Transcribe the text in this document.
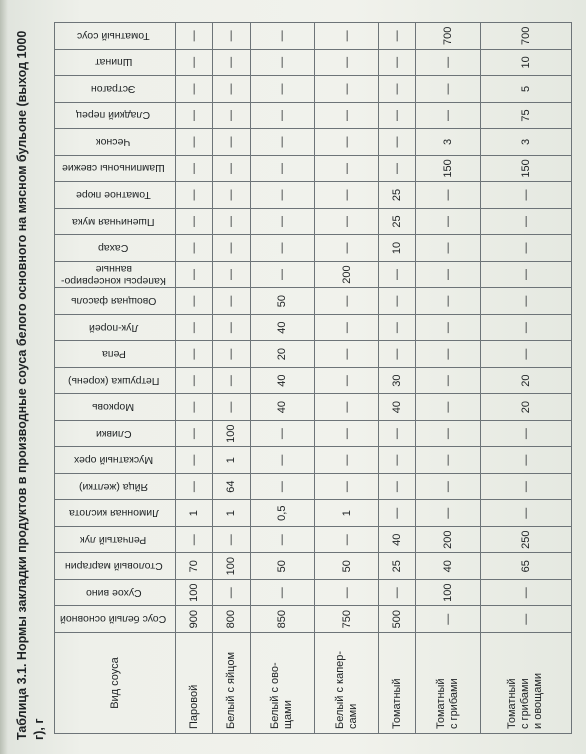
Таблица 3.1. Нормы закладки продуктов в производные соуса белого основного на мясном бульоне (выход 1000 г), г
Вид соуса	Соус белый основной	Сухое вино	Столовый маргарин	Репчатый лук	Лимонная кислота	Яйца (желтки)	Мускатный орех	Сливки	Морковь	Петрушка (корень)	Репа	Лук-порей	Овощная фасоль	Каперсы консервиро-
ванные	Сахар	Пшеничная мука	Томатное пюре	Шампиньоны свежие	Чеснок	Сладкий перец	Эстрагон	Шпинат	Томатный соус
Паровой	900	100	70	—	1	—	—	—	—	—	—	—	—	—	—	—	—	—	—	—	—	—	—
Белый с яйцом	800	—	100	—	1	64	1	100	—	—	—	—	—	—	—	—	—	—	—	—	—	—	—
Белый с ово-
щами	850	—	50	—	0,5	—	—	—	40	40	20	40	50	—	—	—	—	—	—	—	—	—	—
Белый с капер-
сами	750	—	50	—	1	—	—	—	—	—	—	—	—	200	—	—	—	—	—	—	—	—	—
Томатный	500	—	25	40	—	—	—	—	40	30	—	—	—	—	10	25	25	—	—	—	—	—	—
Томатный
с грибами	—	100	40	200	—	—	—	—	—	—	—	—	—	—	—	—	—	150	3	—	—	—	700
Томатный
с грибами
и овощами	—	—	65	250	—	—	—	—	20	20	—	—	—	—	—	—	—	150	3	75	5	10	700
